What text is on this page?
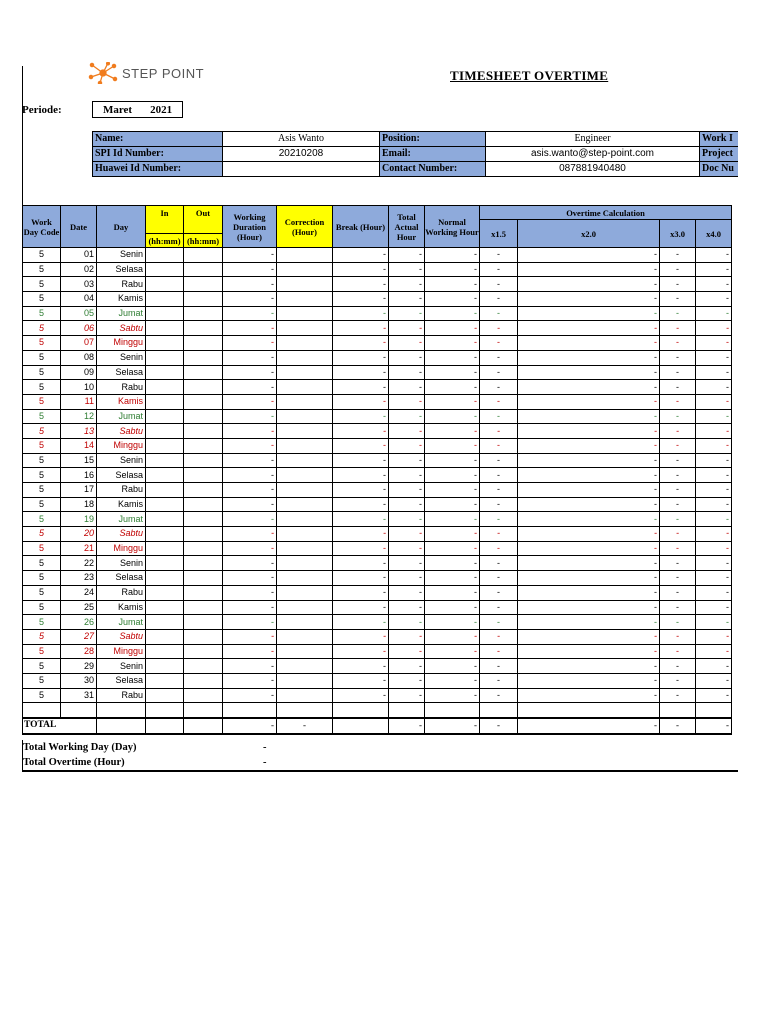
STEP POINT	TIMESHEET OVERTIME
Periode:	Maret 2021
Name:	Asis Wanto	Position:	Engineer	Work I
SPI Id Number:	20210208	Email:	asis.wanto@step-point.com	Project
Huawei Id Number:		Contact Number:	087881940480	Doc Nu
Work Day Code	Date	Day	In	Out	Working Duration (Hour)	Correction (Hour)	Break (Hour)	Total Actual Hour	Normal Working Hour	Overtime Calculation			
										x1.5	x2.0	x3.0	x4.0
			(hh:mm)	(hh:mm)									
5	01	Senin			-		-	-	-	-	-	-	-
5	02	Selasa			-		-	-	-	-	-	-	-
5	03	Rabu			-		-	-	-	-	-	-	-
5	04	Kamis			-		-	-	-	-	-	-	-
5	05	Jumat			-		-	-	-	-	-	-	-
5	06	Sabtu			-		-	-	-	-	-	-	-
5	07	Minggu			-		-	-	-	-	-	-	-
5	08	Senin			-		-	-	-	-	-	-	-
5	09	Selasa			-		-	-	-	-	-	-	-
5	10	Rabu			-		-	-	-	-	-	-	-
5	11	Kamis			-		-	-	-	-	-	-	-
5	12	Jumat			-		-	-	-	-	-	-	-
5	13	Sabtu			-		-	-	-	-	-	-	-
5	14	Minggu			-		-	-	-	-	-	-	-
5	15	Senin			-		-	-	-	-	-	-	-
5	16	Selasa			-		-	-	-	-	-	-	-
5	17	Rabu			-		-	-	-	-	-	-	-
5	18	Kamis			-		-	-	-	-	-	-	-
5	19	Jumat			-		-	-	-	-	-	-	-
5	20	Sabtu			-		-	-	-	-	-	-	-
5	21	Minggu			-		-	-	-	-	-	-	-
5	22	Senin			-		-	-	-	-	-	-	-
5	23	Selasa			-		-	-	-	-	-	-	-
5	24	Rabu			-		-	-	-	-	-	-	-
5	25	Kamis			-		-	-	-	-	-	-	-
5	26	Jumat			-		-	-	-	-	-	-	-
5	27	Sabtu			-		-	-	-	-	-	-	-
5	28	Minggu			-		-	-	-	-	-	-	-
5	29	Senin			-		-	-	-	-	-	-	-
5	30	Selasa			-		-	-	-	-	-	-	-
5	31	Rabu			-		-	-	-	-	-	-	-

TOTAL					-	-		-	-	-	-	-	-
Total Working Day (Day)	-
Total Overtime (Hour)	-
